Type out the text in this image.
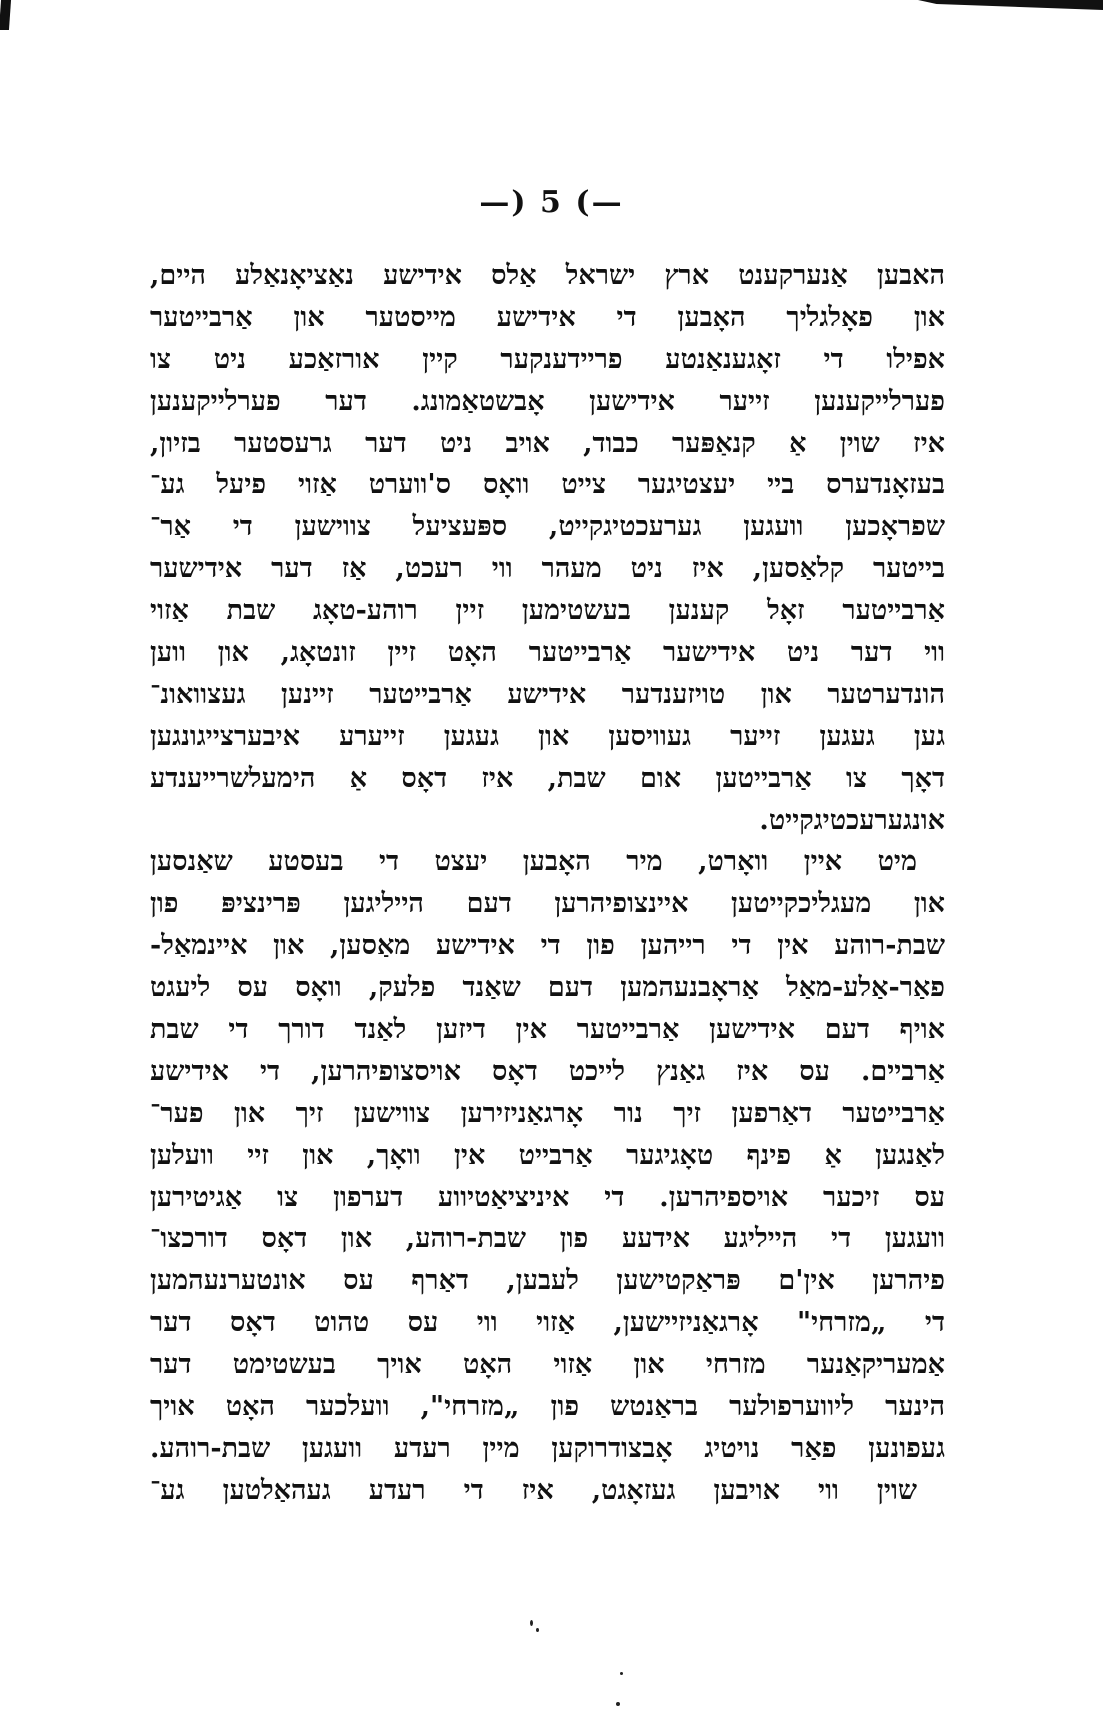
—) 5 (—
האבען אַנערקענט ארץ ישראל אַלס אידישע נאַציאָנאַלע היים,
און פאָלגליך האָבען די אידישע מייסטער און אַרבייטער
אפילו די זאָגענאַנטע פריידענקער קיין אורזאַכע ניט צו
פערלייקענען זייער אידישען אָבשטאַמונג. דער פערלייקענען
איז שוין אַ קנאַפּער כבוד, אויב ניט דער גרעסטער בזיון,
בעזאָנדערס ביי יעצטיגער צייט וואָס ס'ווערט אַזוי פיעל גע־
שפראָכען וועגען גערעכטיגקייט, ספּעציעל צווישען די אַר־
בייטער קלאַסען, איז ניט מעהר ווי רעכט, אַז דער אידישער
אַרבייטער זאָל קענען בעשטימען זיין רוהע-טאָג שבת אַזוי
ווי דער ניט אידישער אַרבייטער האָט זיין זונטאָג, און ווען
הונדערטער און טויזענדער אידישע אַרבייטער זיינען געצוואונ־
גען געגען זייער געוויסען און געגען זייערע איבערצייגונגען
דאָך צו אַרבייטען אום שבת, איז דאָס אַ הימעלשרייענדע
אונגערעכטיגקייט.
מיט איין וואָרט, מיר האָבען יעצט די בעסטע שאַנסען
און מעגליכקייטען איינצופיהרען דעם הייליגען פּרינציפּ פון
שבת-רוהע אין די רייהען פון די אידישע מאַסען, און איינמאַל-
פאַר-אַלע-מאַל אַראָבנעהמען דעם שאַנד פלעק, וואָס עס ליעגט
אויף דעם אידישען אַרבייטער אין דיזען לאַנד דורך די שבת
אַרביים. עס איז גאַנץ לייכט דאָס אויסצופיהרען, די אידישע
אַרבייטער דאַרפען זיך נור אָרגאַניזירען צווישען זיך און פער־
לאַנגען אַ פינף טאָגיגער אַרבייט אין וואָך, און זיי וועלען
עס זיכער אויספיהרען. די איניציאַטיווע דערפון צו אַגיטירען
וועגען די הייליגע אידעע פון שבת-רוהע, און דאָס דורכצו־
פיהרען אין'ם פּראַקטישען לעבען, דאַרף עס אונטערנעהמען
די „מזרחי" אָרגאַניזיישען, אַזוי ווי עס טהוט דאָס דער
אַמעריקאַנער מזרחי און אַזוי האָט אויך בעשטימט דער
הינער ליווערפולער בראַנטש פון „מזרחי", וועלכער האָט אויך
געפונען פאַר נויטיג אָבצודרוקען מיין רעדע וועגען שבת-רוהע.
שוין ווי אויבען געזאָגט, איז די רעדע געהאַלטען גע־
